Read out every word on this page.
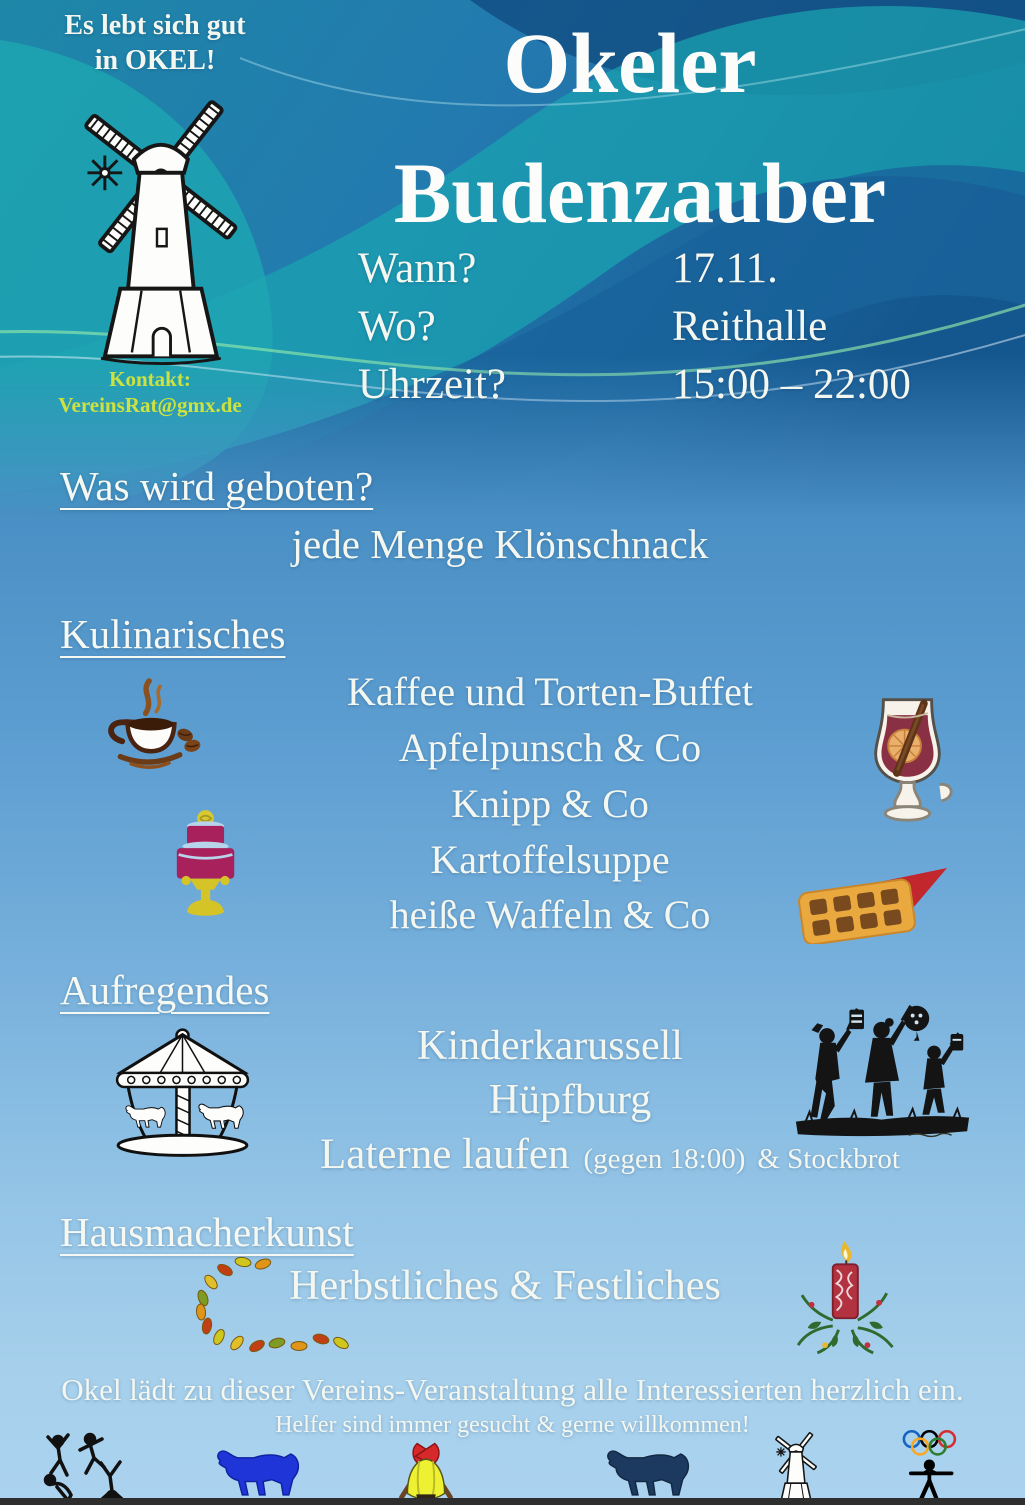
Es lebt sich gut
in OKEL!
Kontakt:
VereinsRat@gmx.de
Okeler
Budenzauber
Wann?
Wo?
Uhrzeit?
17.11.
Reithalle
15:00 – 22:00
Was wird geboten?
jede Menge Klönschnack
Kulinarisches
Kaffee und Torten-Buffet
Apfelpunsch & Co
Knipp & Co
Kartoffelsuppe
heiße Waffeln & Co
Aufregendes
Kinderkarussell
Hüpfburg
Laterne laufen (gegen 18:00) & Stockbrot
Hausmacherkunst
Herbstliches & Festliches
Okel lädt zu dieser Vereins-Veranstaltung alle Interessierten herzlich ein.
Helfer sind immer gesucht & gerne willkommen!
